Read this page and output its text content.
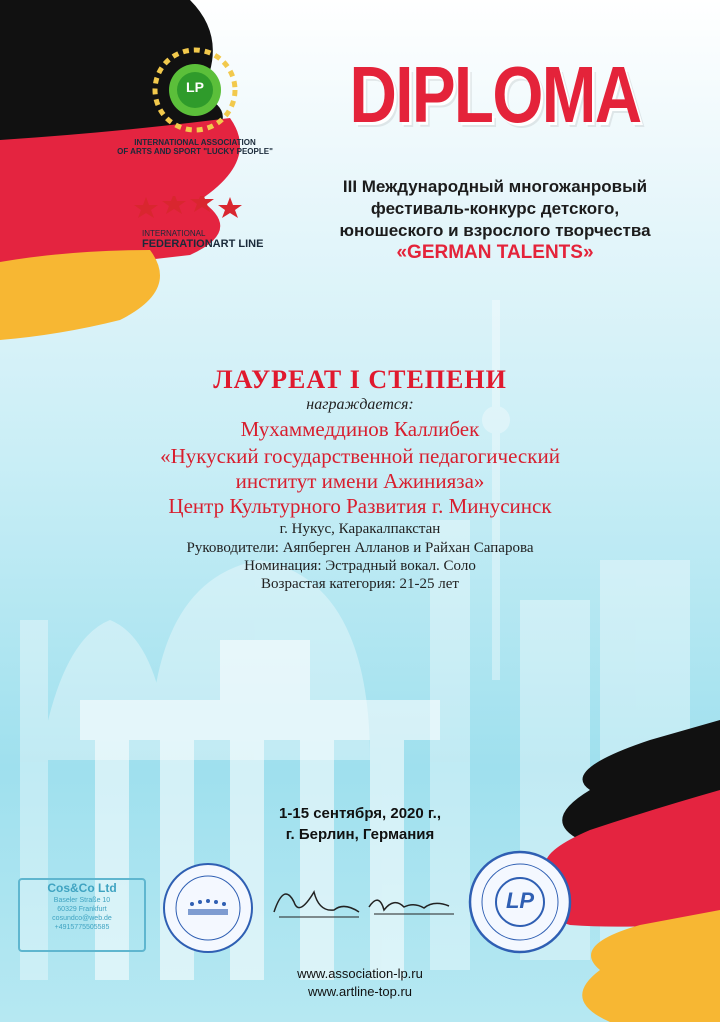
LP
INTERNATIONAL ASSOCIATION
OF ARTS AND SPORT "LUCKY PEOPLE"
INTERNATIONAL
FEDERATIONART LINE
DIPLOMA
III Международный многожанровый
фестиваль-конкурс детского,
юношеского и взрослого творчества
«GERMAN TALENTS»
ЛАУРЕАТ I СТЕПЕНИ
награждается:
Мухаммеддинов Каллибек
«Нукуский государственной педагогический
институт имени Ажинияза»
Центр Культурного Развития г. Минусинск
г. Нукус, Каракалпакстан
Руководители: Аяпберген Алланов и Райхан Сапарова
Номинация: Эстрадный вокал. Соло
Возрастая категория: 21-25 лет
1-15 сентября, 2020 г.,
г. Берлин, Германия
Cos&Co Ltd
Baseler Straße 10
60329 Frankfurt
cosundco@web.de
+4915775505585
LP
www.association-lp.ru
www.artline-top.ru
